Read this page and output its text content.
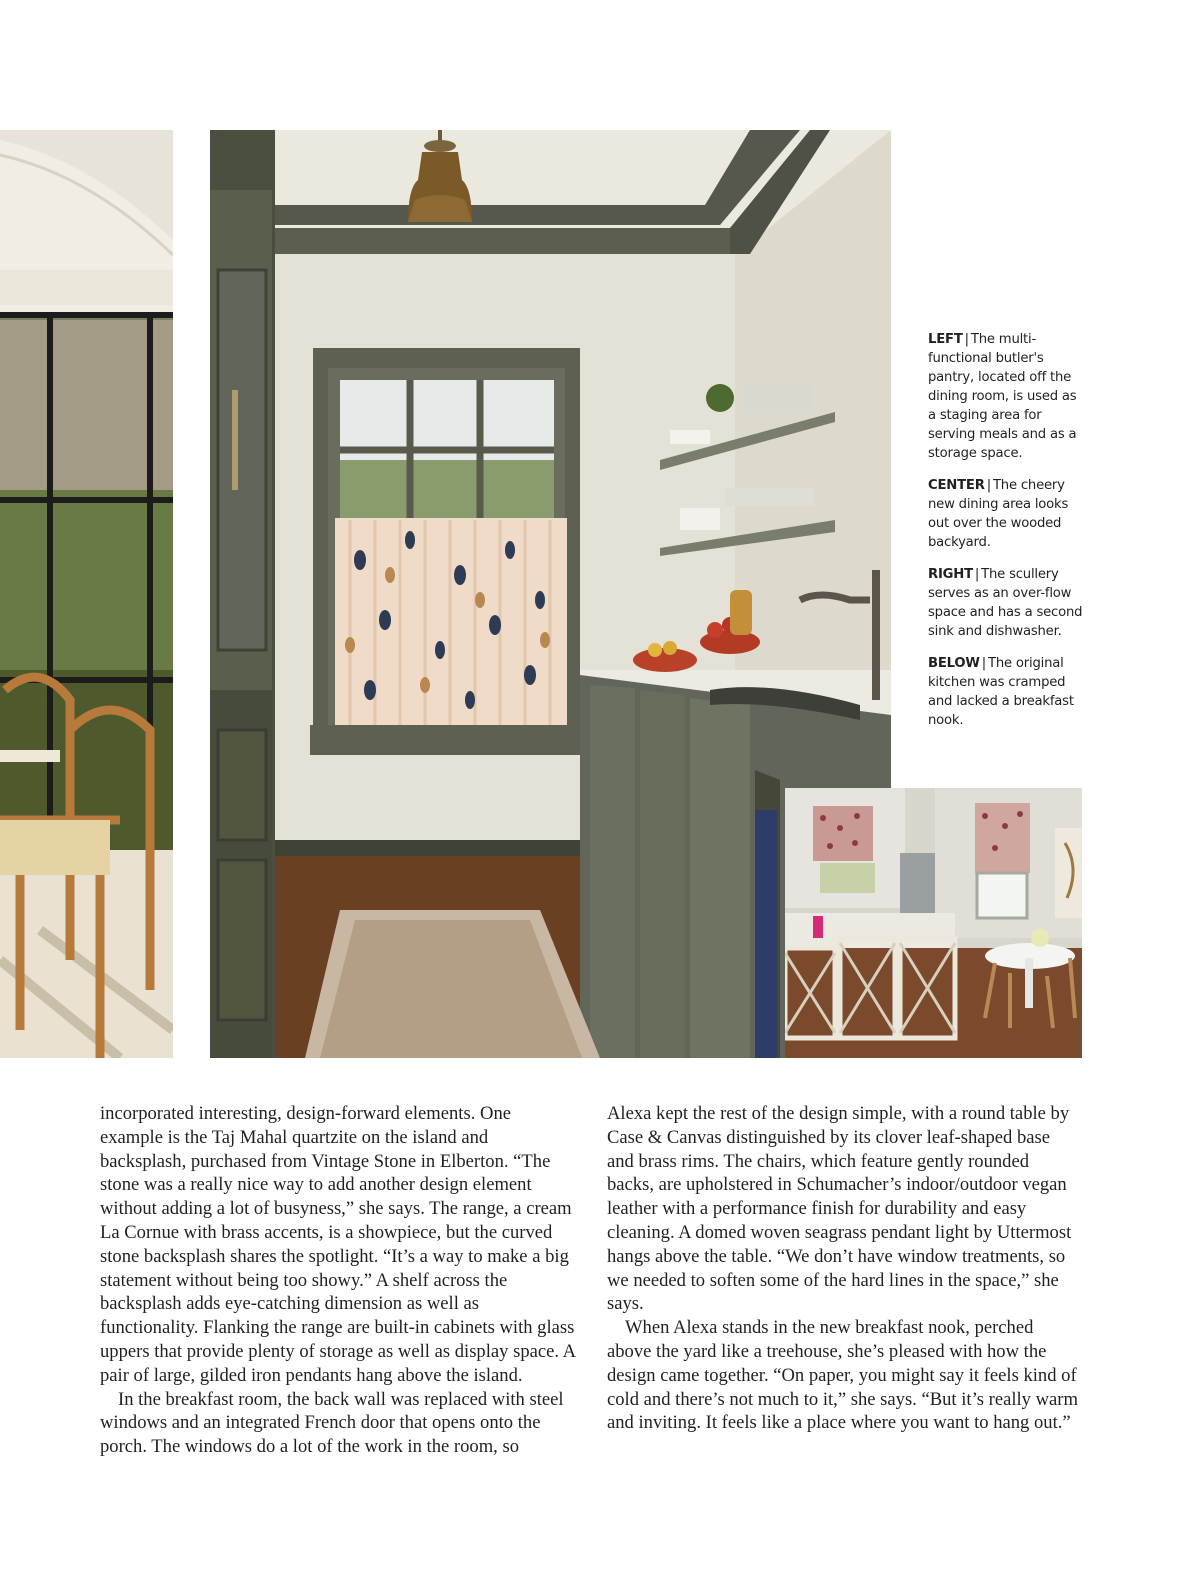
LEFT | The multi-functional butler's pantry, located off the dining room, is used as a staging area for serving meals and as a storage space.

CENTER | The cheery new dining area looks out over the wooded backyard.

RIGHT | The scullery serves as an over-flow space and has a second sink and dishwasher.

BELOW | The original kitchen was cramped and lacked a breakfast nook.

incorporated interesting, design-forward elements. One example is the Taj Mahal quartzite on the island and backsplash, purchased from Vintage Stone in Elberton. “The stone was a really nice way to add another design element without adding a lot of busyness,” she says. The range, a cream La Cornue with brass accents, is a showpiece, but the curved stone backsplash shares the spotlight. “It’s a way to make a big statement without being too showy.” A shelf across the backsplash adds eye-catching dimension as well as functionality. Flanking the range are built-in cabinets with glass uppers that provide plenty of storage as well as display space. A pair of large, gilded iron pendants hang above the island.

In the breakfast room, the back wall was replaced with steel windows and an integrated French door that opens onto the porch. The windows do a lot of the work in the room, so

Alexa kept the rest of the design simple, with a round table by Case & Canvas distinguished by its clover leaf-shaped base and brass rims. The chairs, which feature gently rounded backs, are upholstered in Schumacher’s indoor/outdoor vegan leather with a performance finish for durability and easy cleaning. A domed woven seagrass pendant light by Uttermost hangs above the table. “We don’t have window treatments, so we needed to soften some of the hard lines in the space,” she says.

When Alexa stands in the new breakfast nook, perched above the yard like a treehouse, she’s pleased with how the design came together. “On paper, you might say it feels kind of cold and there’s not much to it,” she says. “But it’s really warm and inviting. It feels like a place where you want to hang out.”
